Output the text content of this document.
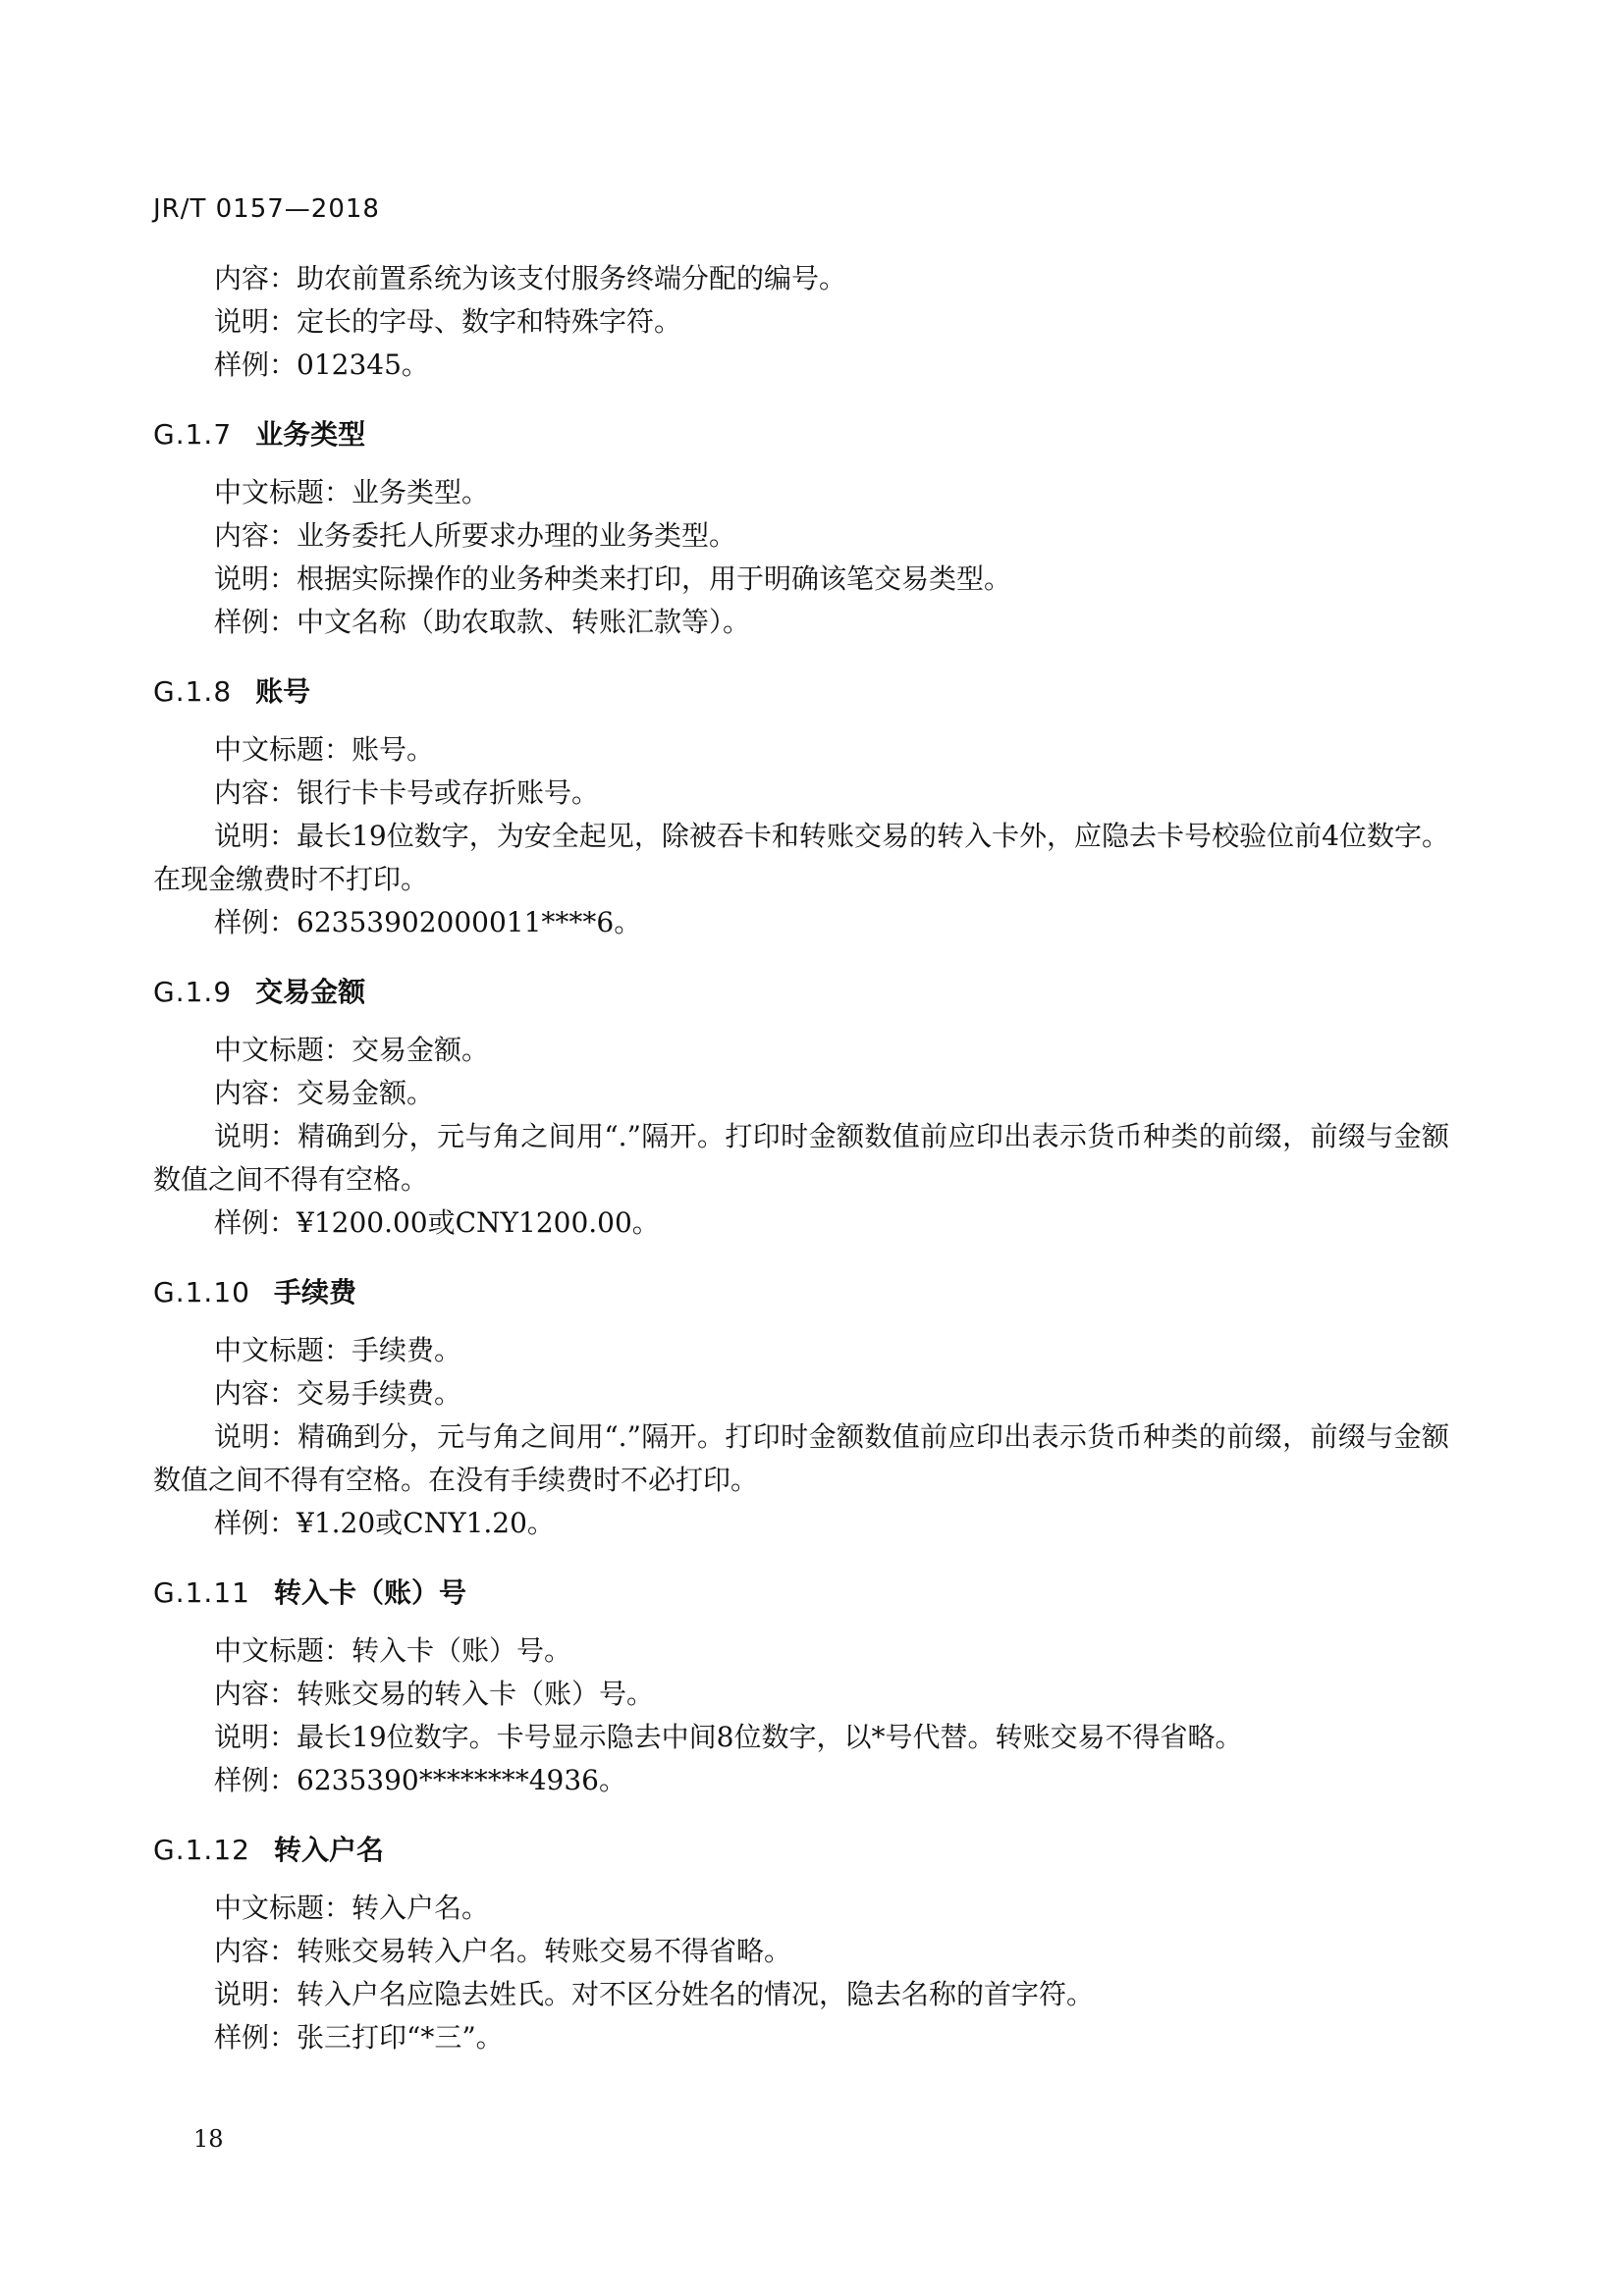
JR/T 0157—2018

内容：助农前置系统为该支付服务终端分配的编号。

说明：定长的字母、数字和特殊字符。

样例：012345。

G.1.7 业务类型

中文标题：业务类型。

内容：业务委托人所要求办理的业务类型。

说明：根据实际操作的业务种类来打印，用于明确该笔交易类型。

样例：中文名称（助农取款、转账汇款等）。

G.1.8 账号

中文标题：账号。

内容：银行卡卡号或存折账号。

说明：最长19位数字，为安全起见，除被吞卡和转账交易的转入卡外，应隐去卡号校验位前4位数字。在现金缴费时不打印。

样例：62353902000011****6。

G.1.9 交易金额

中文标题：交易金额。

内容：交易金额。

说明：精确到分，元与角之间用“.”隔开。打印时金额数值前应印出表示货币种类的前缀，前缀与金额数值之间不得有空格。

样例：¥1200.00或CNY1200.00。

G.1.10 手续费

中文标题：手续费。

内容：交易手续费。

说明：精确到分，元与角之间用“.”隔开。打印时金额数值前应印出表示货币种类的前缀，前缀与金额数值之间不得有空格。在没有手续费时不必打印。

样例：¥1.20或CNY1.20。

G.1.11 转入卡（账）号

中文标题：转入卡（账）号。

内容：转账交易的转入卡（账）号。

说明：最长19位数字。卡号显示隐去中间8位数字，以*号代替。转账交易不得省略。

样例：6235390********4936。

G.1.12 转入户名

中文标题：转入户名。

内容：转账交易转入户名。转账交易不得省略。

说明：转入户名应隐去姓氏。对不区分姓名的情况，隐去名称的首字符。

样例：张三打印“*三”。

18
